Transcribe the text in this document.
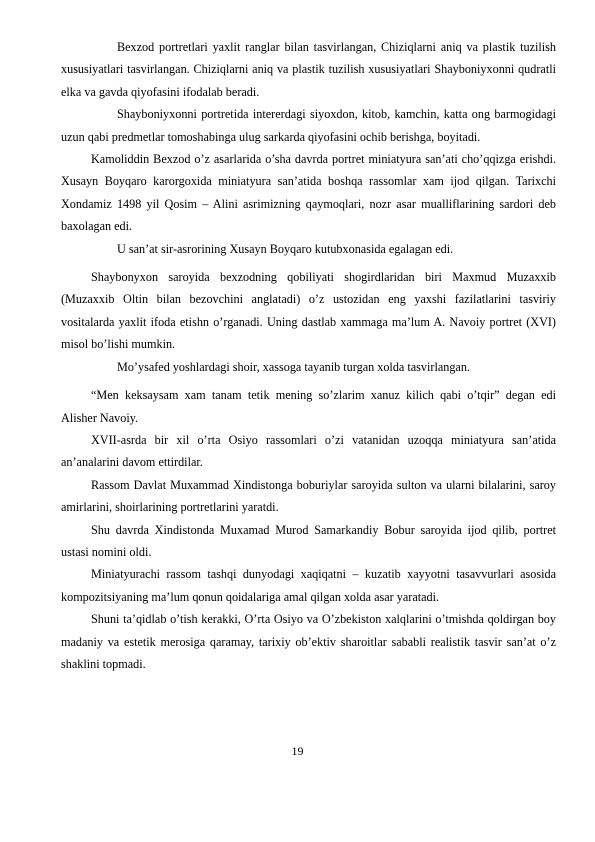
Bexzod portretlari yaxlit ranglar bilan tasvirlangan, Chiziqlarni aniq va plastik tuzilish xususiyatlari tasvirlangan. Chiziqlarni aniq va plastik tuzilish xususiyatlari Shayboniyxonni qudratli elka va gavda qiyofasini ifodalab beradi.

Shayboniyxonni portretida intererdagi siyoxdon, kitob, kamchin, katta ong barmogidagi uzun qabi predmetlar tomoshabinga ulug sarkarda qiyofasini ochib berishga, boyitadi.

Kamoliddin Bexzod o’z asarlarida o’sha davrda portret miniatyura san’ati cho’qqizga erishdi. Xusayn Boyqaro karorgoxida miniatyura san’atida boshqa rassomlar xam ijod qilgan. Tarixchi Xondamiz 1498 yil Qosim – Alini asrimizning qaymoqlari, nozr asar mualliflarining sardori deb baxolagan edi.

U san’at sir-asrorining Xusayn Boyqaro kutubxonasida egalagan edi.

Shaybonyxon saroyida bexzodning qobiliyati shogirdlaridan biri Maxmud Muzaxxib (Muzaxxib Oltin bilan bezovchini anglatadi) o’z ustozidan eng yaxshi fazilatlarini tasviriy vositalarda yaxlit ifoda etishn o’rganadi. Uning dastlab xammaga ma’lum A. Navoiy portret (XVI) misol bo’lishi mumkin.

Mo’ysafed yoshlardagi shoir, xassoga tayanib turgan xolda tasvirlangan.

“Men keksaysam xam tanam tetik mening so’zlarim xanuz kilich qabi o’tqir” degan edi Alisher Navoiy.

XVII-asrda bir xil o’rta Osiyo rassomlari o’zi vatanidan uzoqqa miniatyura san’atida an’analarini davom ettirdilar.

Rassom Davlat Muxammad Xindistonga boburiylar saroyida sulton va ularni bilalarini, saroy amirlarini, shoirlarining portretlarini yaratdi.

Shu davrda Xindistonda Muxamad Murod Samarkandiy Bobur saroyida ijod qilib, portret ustasi nomini oldi.

Miniatyurachi rassom tashqi dunyodagi xaqiqatni – kuzatib xayyotni tasavvurlari asosida kompozitsiyaning ma’lum qonun qoidalariga amal qilgan xolda asar yaratadi.

Shuni ta’qidlab o’tish kerakki, O’rta Osiyo va O’zbekiston xalqlarini o’tmishda qoldirgan boy madaniy va estetik merosiga qaramay, tarixiy ob’ektiv sharoitlar sababli realistik tasvir san’at o’z shaklini topmadi.

19
